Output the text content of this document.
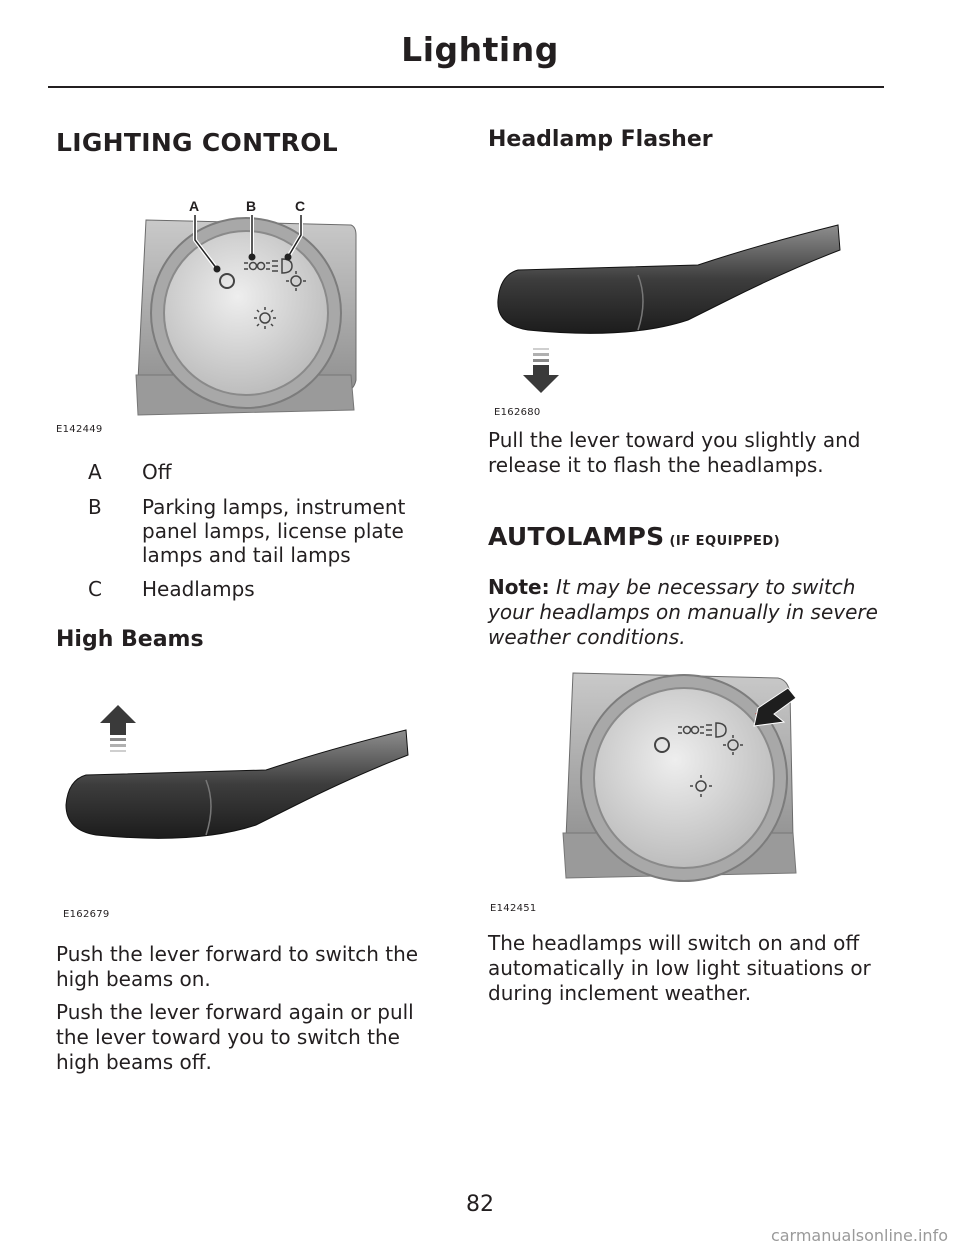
Lighting
LIGHTING CONTROL
A	B	C
E142449
A	Off
B	Parking lamps, instrument panel lamps, license plate lamps and tail lamps
C	Headlamps
High Beams
E162679
Push the lever forward to switch the high beams on.
Push the lever forward again or pull the lever toward you to switch the high beams off.
Headlamp Flasher
E162680
Pull the lever toward you slightly and release it to flash the headlamps.
AUTOLAMPS (IF EQUIPPED)
Note: It may be necessary to switch your headlamps on manually in severe weather conditions.
E142451
The headlamps will switch on and off automatically in low light situations or during inclement weather.
82
carmanualsonline.info
